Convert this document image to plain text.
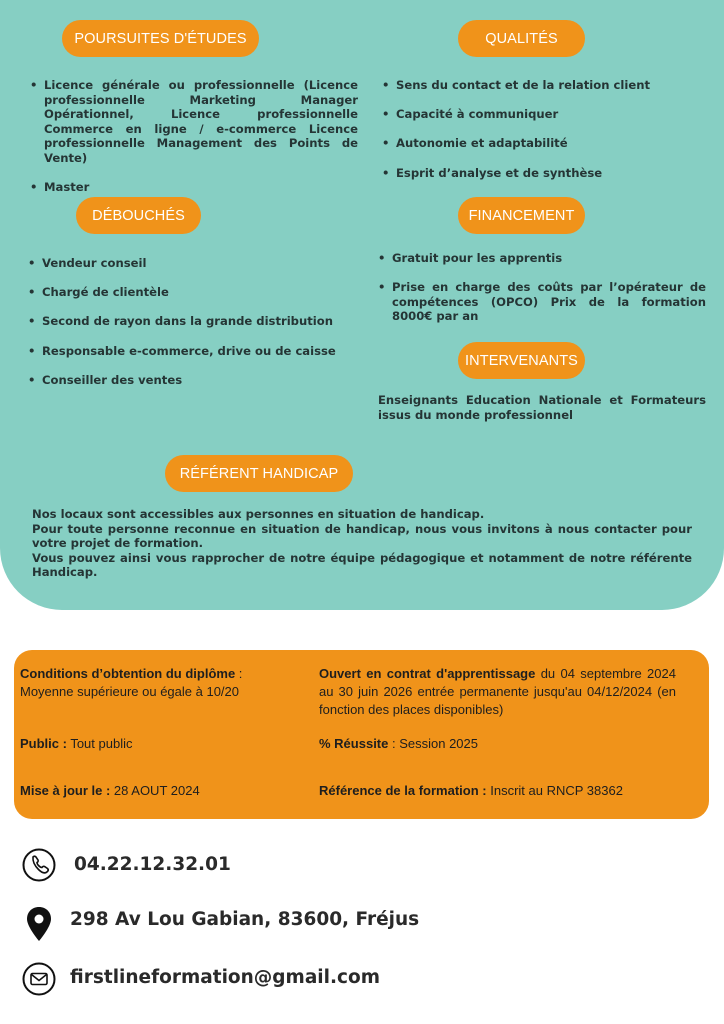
POURSUITES D'ÉTUDES	QUALITÉS
• Licence générale ou professionnelle (Licence professionnelle Marketing Manager Opérationnel, Licence professionnelle Commerce en ligne / e-commerce Licence professionnelle Management des Points de Vente)
• Master
• Sens du contact et de la relation client
• Capacité à communiquer
• Autonomie et adaptabilité
• Esprit d’analyse et de synthèse
DÉBOUCHÉS	FINANCEMENT
• Vendeur conseil
• Chargé de clientèle
• Second de rayon dans la grande distribution
• Responsable e-commerce, drive ou de caisse
• Conseiller des ventes
• Gratuit pour les apprentis
• Prise en charge des coûts par l’opérateur de compétences (OPCO) Prix de la formation 8000€ par an
INTERVENANTS
Enseignants Education Nationale et Formateurs issus du monde professionnel
RÉFÉRENT HANDICAP
Nos locaux sont accessibles aux personnes en situation de handicap.
Pour toute personne reconnue en situation de handicap, nous vous invitons à nous contacter pour votre projet de formation.
Vous pouvez ainsi vous rapprocher de notre équipe pédagogique et notamment de notre référente Handicap.
Conditions d’obtention du diplôme :
Moyenne supérieure ou égale à 10/20
Ouvert en contrat d'apprentissage du 04 septembre 2024 au 30 juin 2026 entrée permanente jusqu'au 04/12/2024 (en fonction des places disponibles)
Public : Tout public	% Réussite : Session 2025
Mise à jour le : 28 AOUT 2024	Référence de la formation : Inscrit au RNCP 38362
04.22.12.32.01
298 Av Lou Gabian, 83600, Fréjus
firstlineformation@gmail.com
